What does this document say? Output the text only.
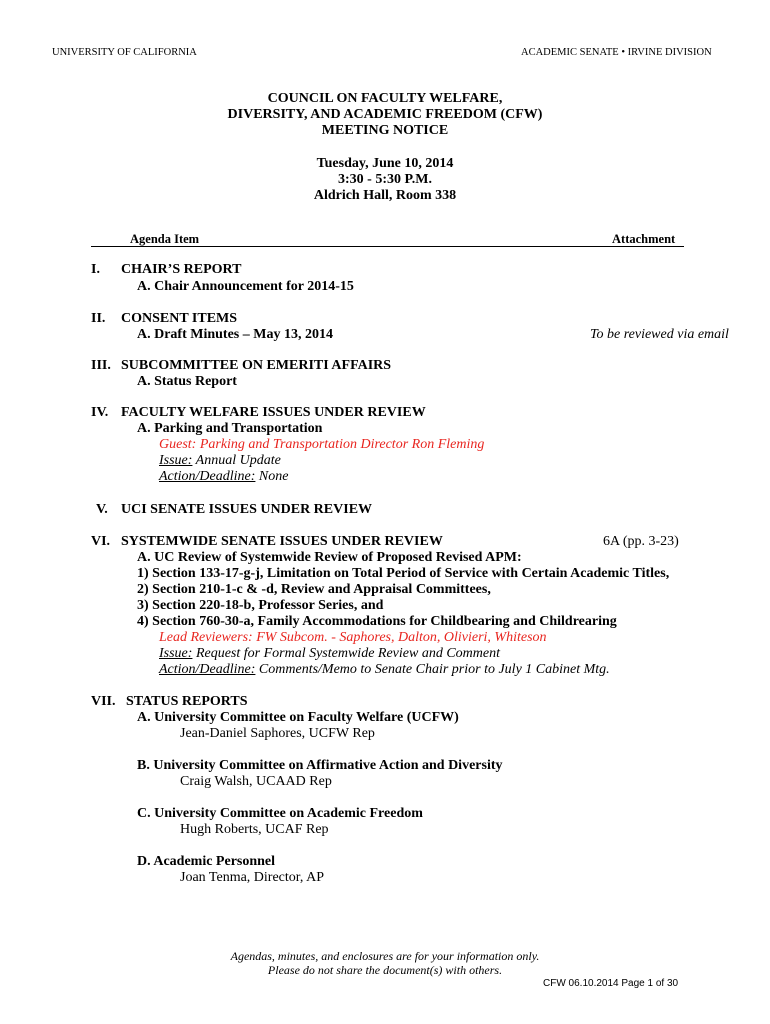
UNIVERSITY OF CALIFORNIA	ACADEMIC SENATE • IRVINE DIVISION
COUNCIL ON FACULTY WELFARE,
DIVERSITY, AND ACADEMIC FREEDOM (CFW)
MEETING NOTICE
Tuesday, June 10, 2014
3:30 - 5:30 P.M.
Aldrich Hall, Room 338
Agenda Item	Attachment
I. CHAIR’S REPORT
A. Chair Announcement for 2014-15
II. CONSENT ITEMS
A. Draft Minutes – May 13, 2014	To be reviewed via email
III. SUBCOMMITTEE ON EMERITI AFFAIRS
A. Status Report
IV. FACULTY WELFARE ISSUES UNDER REVIEW
A. Parking and Transportation
Guest: Parking and Transportation Director Ron Fleming
Issue: Annual Update
Action/Deadline: None
V. UCI SENATE ISSUES UNDER REVIEW
VI. SYSTEMWIDE SENATE ISSUES UNDER REVIEW	6A (pp. 3-23)
A. UC Review of Systemwide Review of Proposed Revised APM:
1) Section 133-17-g-j, Limitation on Total Period of Service with Certain Academic Titles,
2) Section 210-1-c & -d, Review and Appraisal Committees,
3) Section 220-18-b, Professor Series, and
4) Section 760-30-a, Family Accommodations for Childbearing and Childrearing
Lead Reviewers: FW Subcom. - Saphores, Dalton, Olivieri, Whiteson
Issue: Request for Formal Systemwide Review and Comment
Action/Deadline: Comments/Memo to Senate Chair prior to July 1 Cabinet Mtg.
VII. STATUS REPORTS
A. University Committee on Faculty Welfare (UCFW)
Jean-Daniel Saphores, UCFW Rep
B. University Committee on Affirmative Action and Diversity
Craig Walsh, UCAAD Rep
C. University Committee on Academic Freedom
Hugh Roberts, UCAF Rep
D. Academic Personnel
Joan Tenma, Director, AP
Agendas, minutes, and enclosures are for your information only.
Please do not share the document(s) with others.
CFW 06.10.2014 Page 1 of 30
